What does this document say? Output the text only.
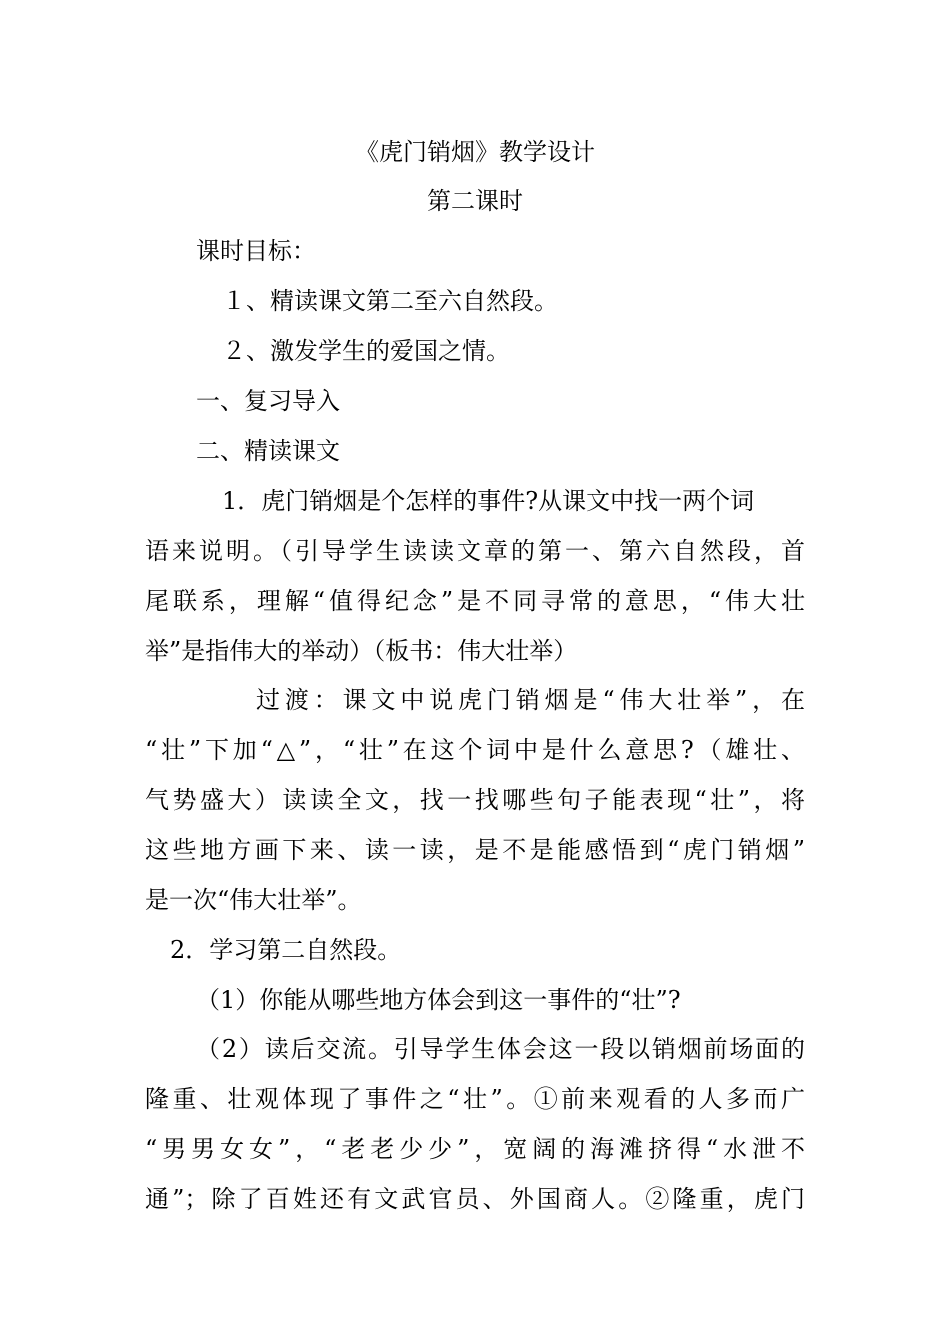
《虎门销烟》教学设计
第二课时
课时目标：
１、精读课文第二至六自然段。
２、激发学生的爱国之情。
一、复习导入
二、精读课文
1．虎门销烟是个怎样的事件?从课文中找一两个词
语来说明。（引导学生读读文章的第一、第六自然段，首
尾联系，理解“值得纪念”是不同寻常的意思，“伟大壮
举”是指伟大的举动）（板书：伟大壮举）
过渡：课文中说虎门销烟是“伟大壮举”，在
“壮”下加“△”，“壮”在这个词中是什么意思?（雄壮、
气势盛大）读读全文，找一找哪些句子能表现“壮”，将
这些地方画下来、读一读，是不是能感悟到“虎门销烟”
是一次“伟大壮举”。
2．学习第二自然段。
（1）你能从哪些地方体会到这一事件的“壮”?
（2）读后交流。引导学生体会这一段以销烟前场面的
隆重、壮观体现了事件之“壮”。①前来观看的人多而广
“男男女女”，“老老少少”，宽阔的海滩挤得“水泄不
通”；除了百姓还有文武官员、外国商人。②隆重，虎门
